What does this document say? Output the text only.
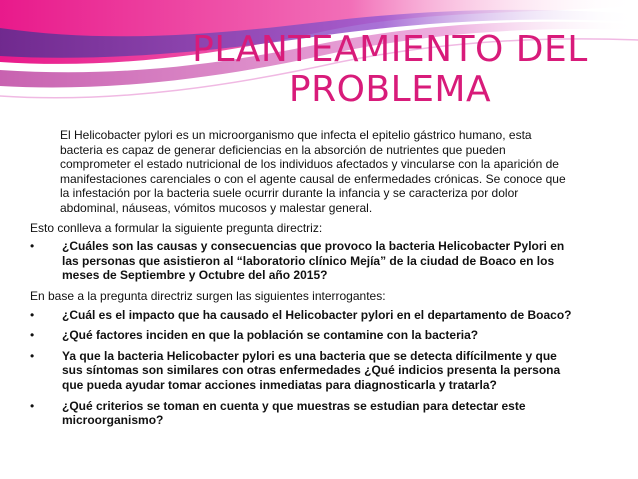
PLANTEAMIENTO DEL
PROBLEMA

El Helicobacter pylori es un microorganismo que infecta el epitelio gástrico humano, esta
bacteria es capaz de generar deficiencias en la absorción de nutrientes que pueden
comprometer el estado nutricional de los individuos afectados y vincularse con la aparición de
manifestaciones carenciales o con el agente causal de enfermedades crónicas. Se conoce que
la infestación por la bacteria suele ocurrir durante la infancia y se caracteriza por dolor
abdominal, náuseas, vómitos mucosos y malestar general.

Esto conlleva a formular la siguiente pregunta directriz:

• ¿Cuáles son las causas y consecuencias que provoco la bacteria Helicobacter Pylori en
las personas que asistieron al “laboratorio clínico Mejía” de la ciudad de Boaco en los
meses de Septiembre y Octubre del año 2015?

En base a la pregunta directriz surgen las siguientes interrogantes:

• ¿Cuál es el impacto que ha causado el Helicobacter pylori en el departamento de Boaco?
• ¿Qué factores inciden en que la población se contamine con la bacteria?
• Ya que la bacteria Helicobacter pylori es una bacteria que se detecta difícilmente y que
sus síntomas son similares con otras enfermedades ¿Qué indicios presenta la persona
que pueda ayudar tomar acciones inmediatas para diagnosticarla y tratarla?
• ¿Qué criterios se toman en cuenta y que muestras se estudian para detectar este
microorganismo?
